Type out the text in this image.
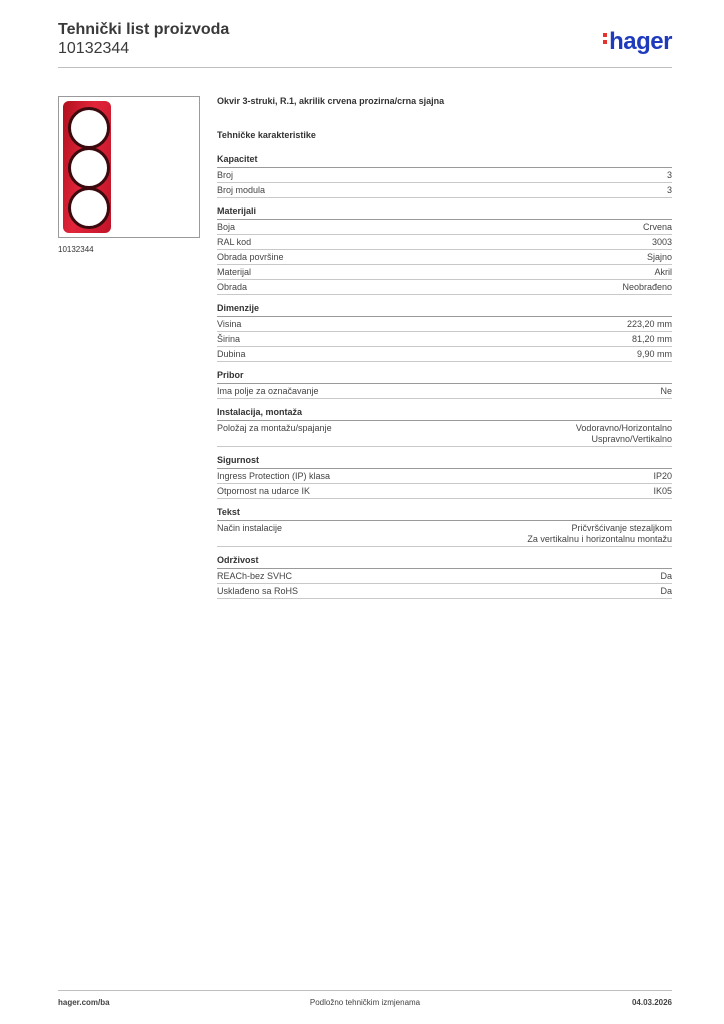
Tehnički list proizvoda
10132344	hager
10132344
Okvir 3-struki, R.1, akrilik crvena prozirna/crna sjajna
Tehničke karakteristike
Kapacitet
Broj	3
Broj modula	3
Materijali
Boja	Crvena
RAL kod	3003
Obrada površine	Sjajno
Materijal	Akril
Obrada	Neobrađeno
Dimenzije
Visina	223,20 mm
Širina	81,20 mm
Dubina	9,90 mm
Pribor
Ima polje za označavanje	Ne
Instalacija, montaža
Položaj za montažu/spajanje	Vodoravno/Horizontalno
Uspravno/Vertikalno
Sigurnost
Ingress Protection (IP) klasa	IP20
Otpornost na udarce IK	IK05
Tekst
Način instalacije	Pričvršćivanje stezaljkom
Za vertikalnu i horizontalnu montažu
Održivost
REACh-bez SVHC	Da
Usklađeno sa RoHS	Da
hager.com/ba	Podložno tehničkim izmjenama	04.03.2026
